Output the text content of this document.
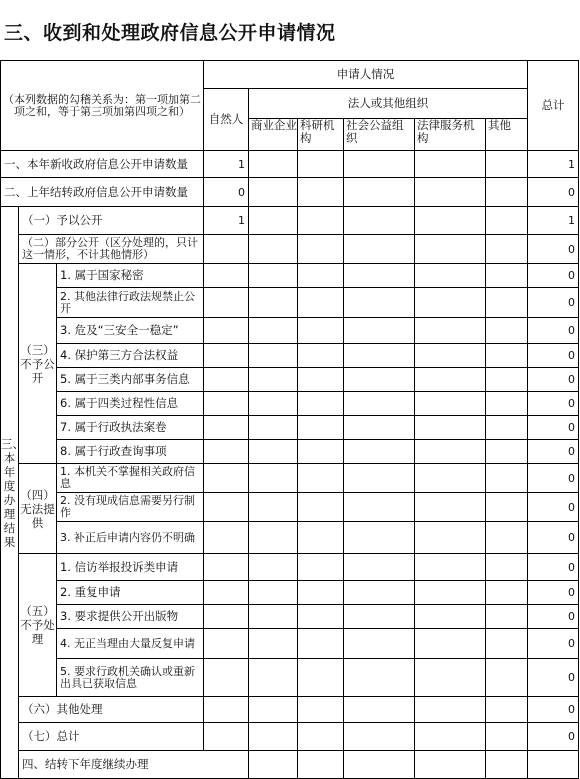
三、收到和处理政府信息公开申请情况
（本列数据的勾稽关系为：第一项加第二项之和，等于第三项加第四项之和）			申请人情况						总计	
			自然人	法人或其他组织						
				商业企业	科研机构	社会公益组织	法律服务机构	其他		
一、本年新收政府信息公开申请数量			1						1	
二、上年结转政府信息公开申请数量			0						0	
三、本年度办理结果	（一）予以公开		1						1	
	（二）部分公开（区分处理的，只计这一情形，不计其他情形）								0	
	（三）不予公开	1. 属于国家秘密							0	
		2. 其他法律行政法规禁止公开							0	
		3. 危及“三安全一稳定”							0	
		4. 保护第三方合法权益							0	
		5. 属于三类内部事务信息							0	
		6. 属于四类过程性信息							0	
		7. 属于行政执法案卷							0	
		8. 属于行政查询事项							0	
	（四）无法提供	1. 本机关不掌握相关政府信息							0	
		2. 没有现成信息需要另行制作							0	
		3. 补正后申请内容仍不明确							0	
	（五）不予处理	1. 信访举报投诉类申请							0	
		2. 重复申请							0	
		3. 要求提供公开出版物							0	
		4. 无正当理由大量反复申请							0	
		5. 要求行政机关确认或重新出具已获取信息							0	
	（六）其他处理								0	
	（七）总计								0	
	四、结转下年度继续办理							
